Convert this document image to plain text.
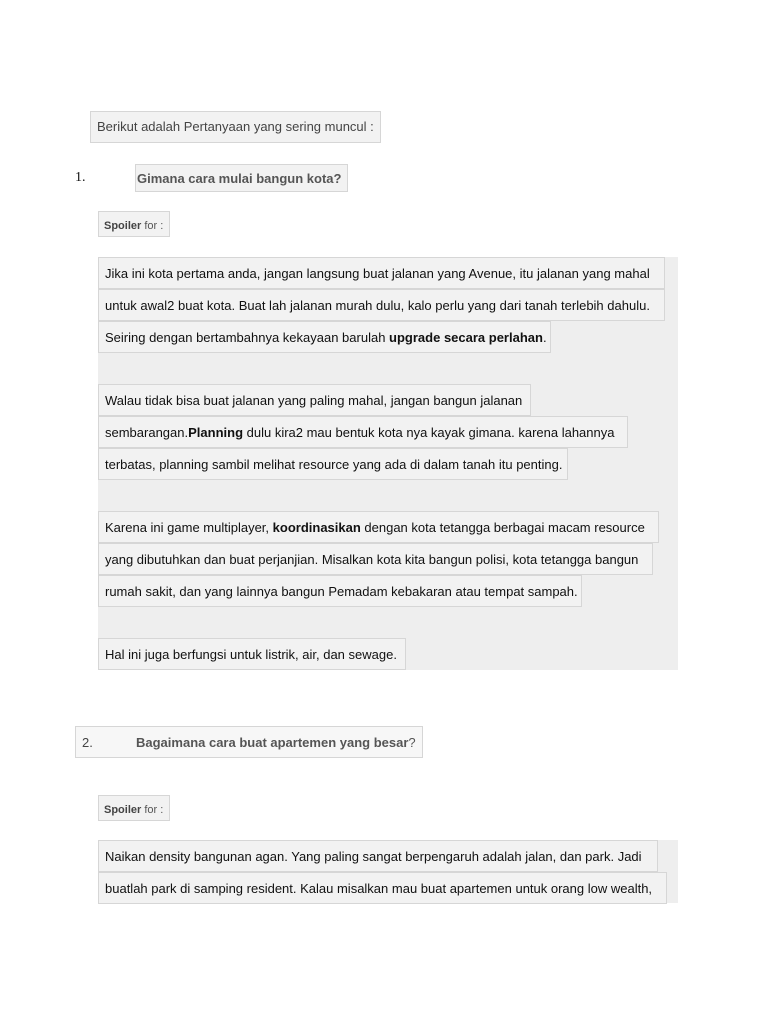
Berikut adalah Pertanyaan yang sering muncul :
1.	Gimana cara mulai bangun kota?
Spoiler for :
Jika ini kota pertama anda, jangan langsung buat jalanan yang Avenue, itu jalanan yang mahal
untuk awal2 buat kota. Buat lah jalanan murah dulu, kalo perlu yang dari tanah terlebih dahulu.
Seiring dengan bertambahnya kekayaan barulah upgrade secara perlahan.
Walau tidak bisa buat jalanan yang paling mahal, jangan bangun jalanan
sembarangan.Planning dulu kira2 mau bentuk kota nya kayak gimana. karena lahannya
terbatas, planning sambil melihat resource yang ada di dalam tanah itu penting.
Karena ini game multiplayer, koordinasikan dengan kota tetangga berbagai macam resource
yang dibutuhkan dan buat perjanjian. Misalkan kota kita bangun polisi, kota tetangga bangun
rumah sakit, dan yang lainnya bangun Pemadam kebakaran atau tempat sampah.
Hal ini juga berfungsi untuk listrik, air, dan sewage.
2.	Bagaimana cara buat apartemen yang besar?
Spoiler for :
Naikan density bangunan agan. Yang paling sangat berpengaruh adalah jalan, dan park. Jadi
buatlah park di samping resident. Kalau misalkan mau buat apartemen untuk orang low wealth,
